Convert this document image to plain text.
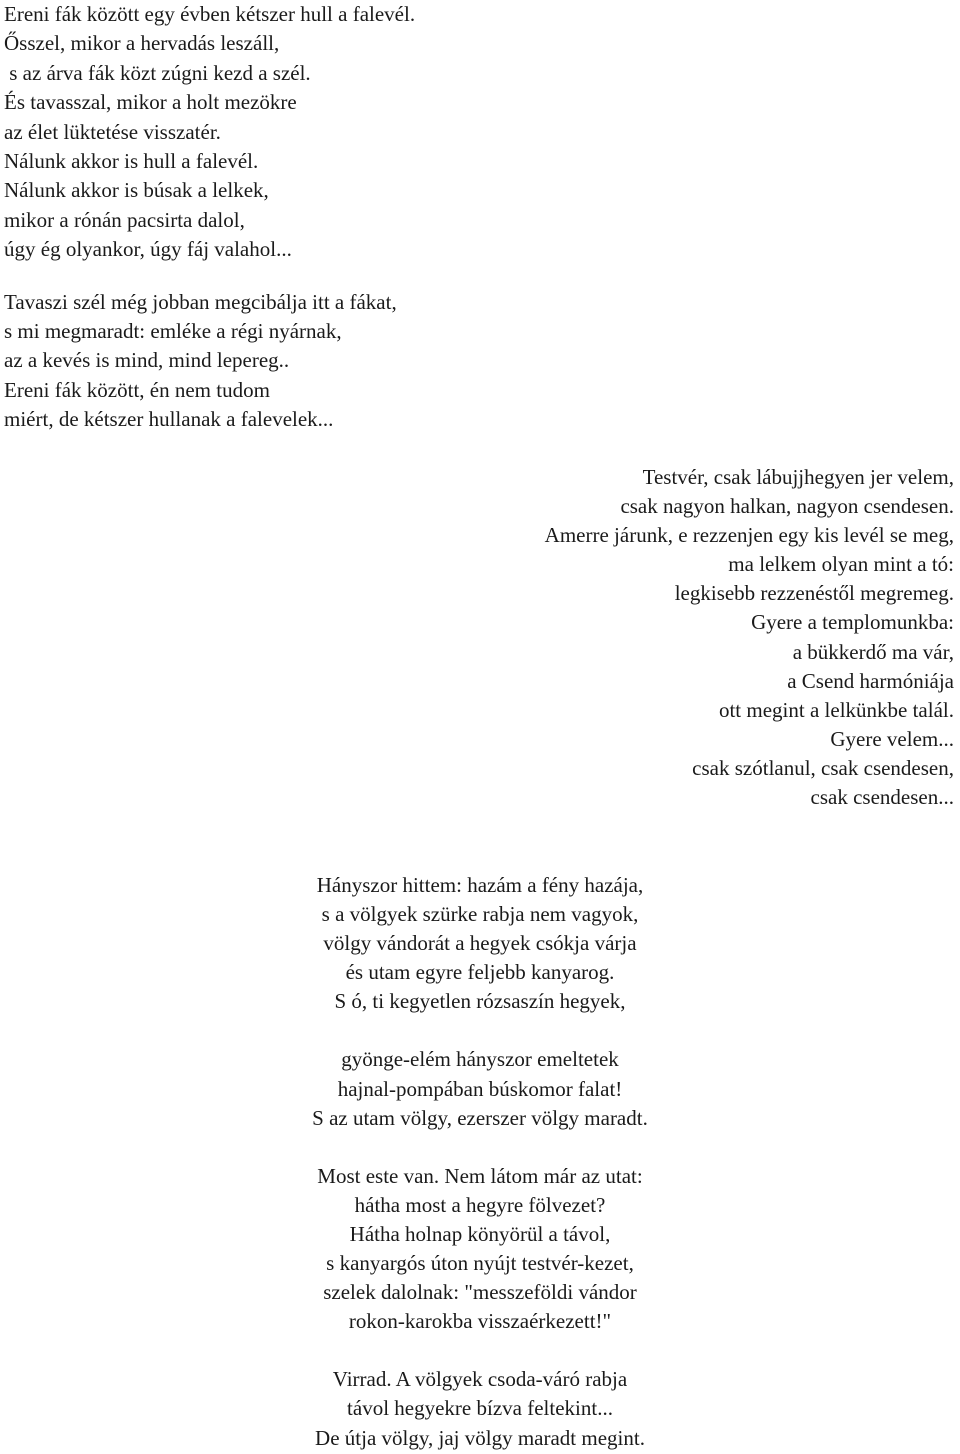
Ereni fák között egy évben kétszer hull a falevél.
Ősszel, mikor a hervadás leszáll,
s az árva fák közt zúgni kezd a szél.
És tavasszal, mikor a holt mezökre
az élet lüktetése visszatér.
Nálunk akkor is hull a falevél.
Nálunk akkor is búsak a lelkek,
mikor a rónán pacsirta dalol,
úgy ég olyankor, úgy fáj valahol...
Tavaszi szél még jobban megcibálja itt a fákat,
s mi megmaradt: emléke a régi nyárnak,
az a kevés is mind, mind lepereg..
Ereni fák között, én nem tudom
miért, de kétszer hullanak a falevelek...
Testvér, csak lábujjhegyen jer velem,
csak nagyon halkan, nagyon csendesen.
Amerre járunk, e rezzenjen egy kis levél se meg,
ma lelkem olyan mint a tó:
legkisebb rezzenéstől megremeg.
Gyere a templomunkba:
a bükkerdő ma vár,
a Csend harmóniája
ott megint a lelkünkbe talál.
Gyere velem...
csak szótlanul, csak csendesen,
csak csendesen...
Hányszor hittem: hazám a fény hazája,
s a völgyek szürke rabja nem vagyok,
völgy vándorát a hegyek csókja várja
és utam egyre feljebb kanyarog.
S ó, ti kegyetlen rózsaszín hegyek,
gyönge-elém hányszor emeltetek
hajnal-pompában búskomor falat!
S az utam völgy, ezerszer völgy maradt.
Most este van. Nem látom már az utat:
hátha most a hegyre fölvezet?
Hátha holnap könyörül a távol,
s kanyargós úton nyújt testvér-kezet,
szelek dalolnak: "messzeföldi vándor
rokon-karokba visszaérkezett!"
Virrad. A völgyek csoda-váró rabja
távol hegyekre bízva feltekint...
De útja völgy, jaj völgy maradt megint.
